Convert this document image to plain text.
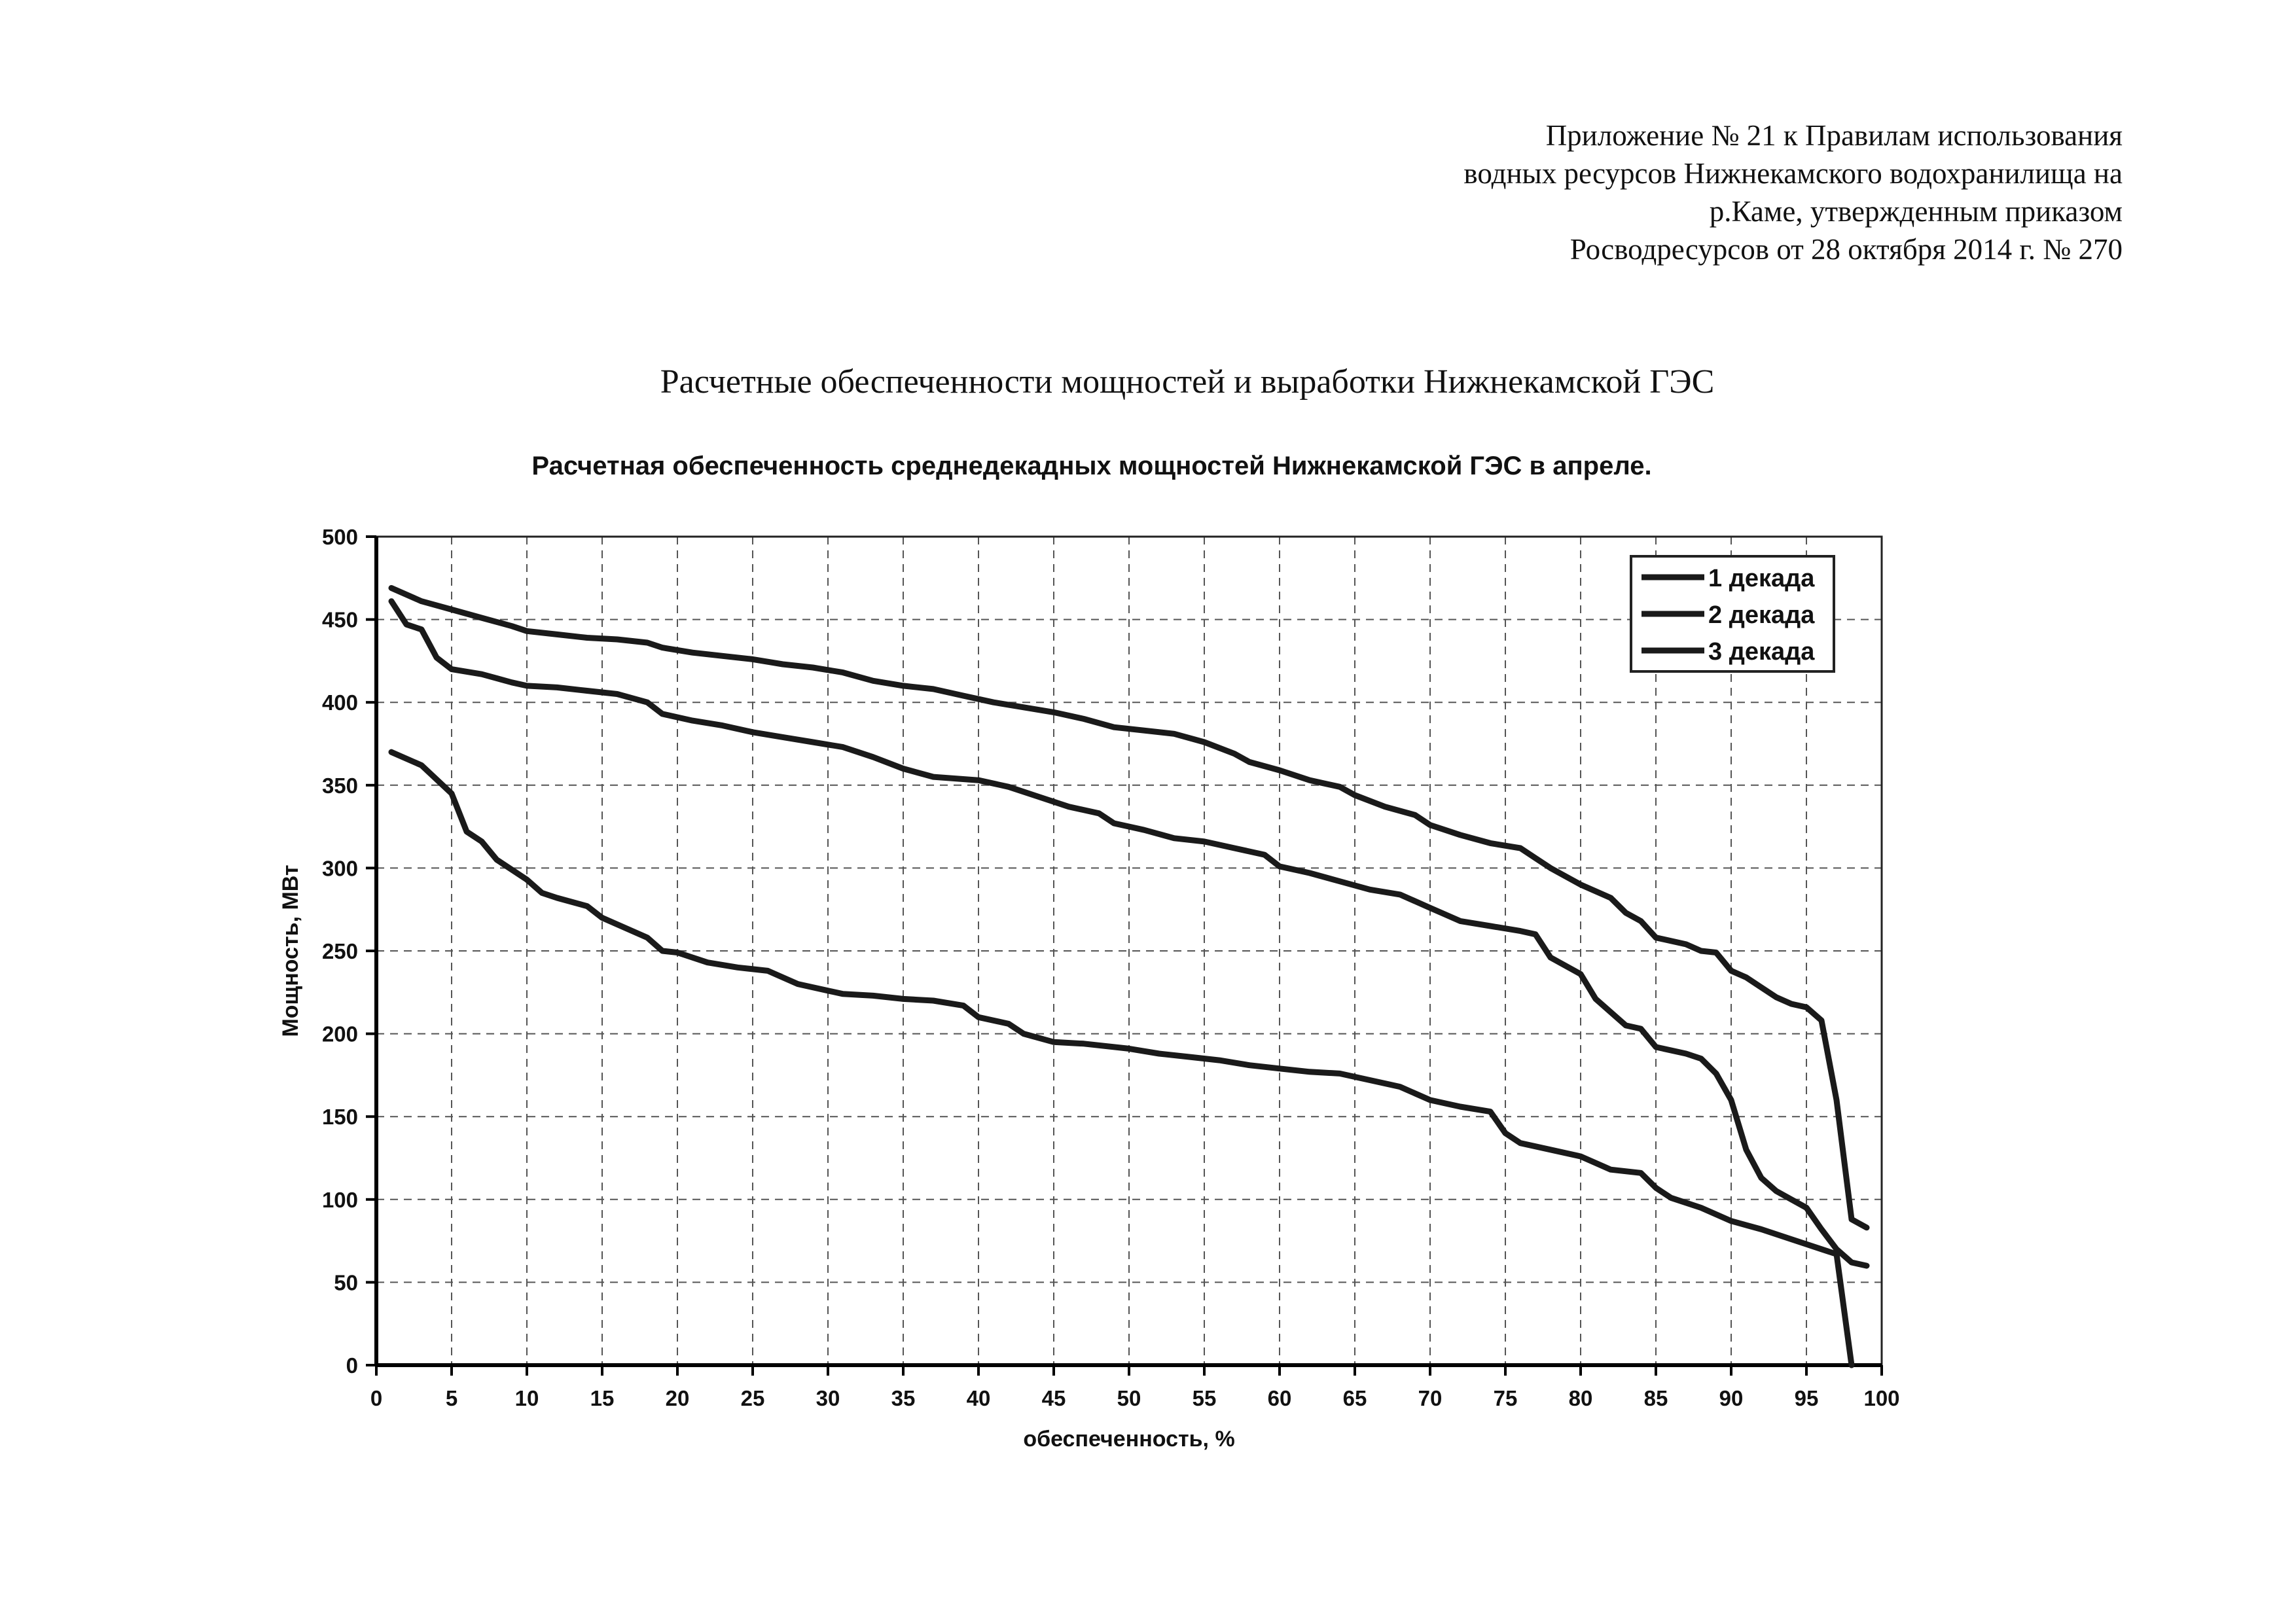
Приложение № 21 к Правилам использования
водных ресурсов Нижнекамского водохранилища на
р.Каме, утвержденным приказом
Росводресурсов от 28 октября 2014 г. № 270
Расчетные обеспеченности мощностей и выработки Нижнекамской ГЭС
Расчетная обеспеченность среднедекадных мощностей Нижнекамской ГЭС в апреле.
0
50
100
150
200
250
300
350
400
450
500
0	5	10 15 20 25 30 35 40 45 50 55 60 65 70 75 80 85 90 95 100
обеспеченность, %
Мощность, МВт
1 декада
2 декада
3 декада
